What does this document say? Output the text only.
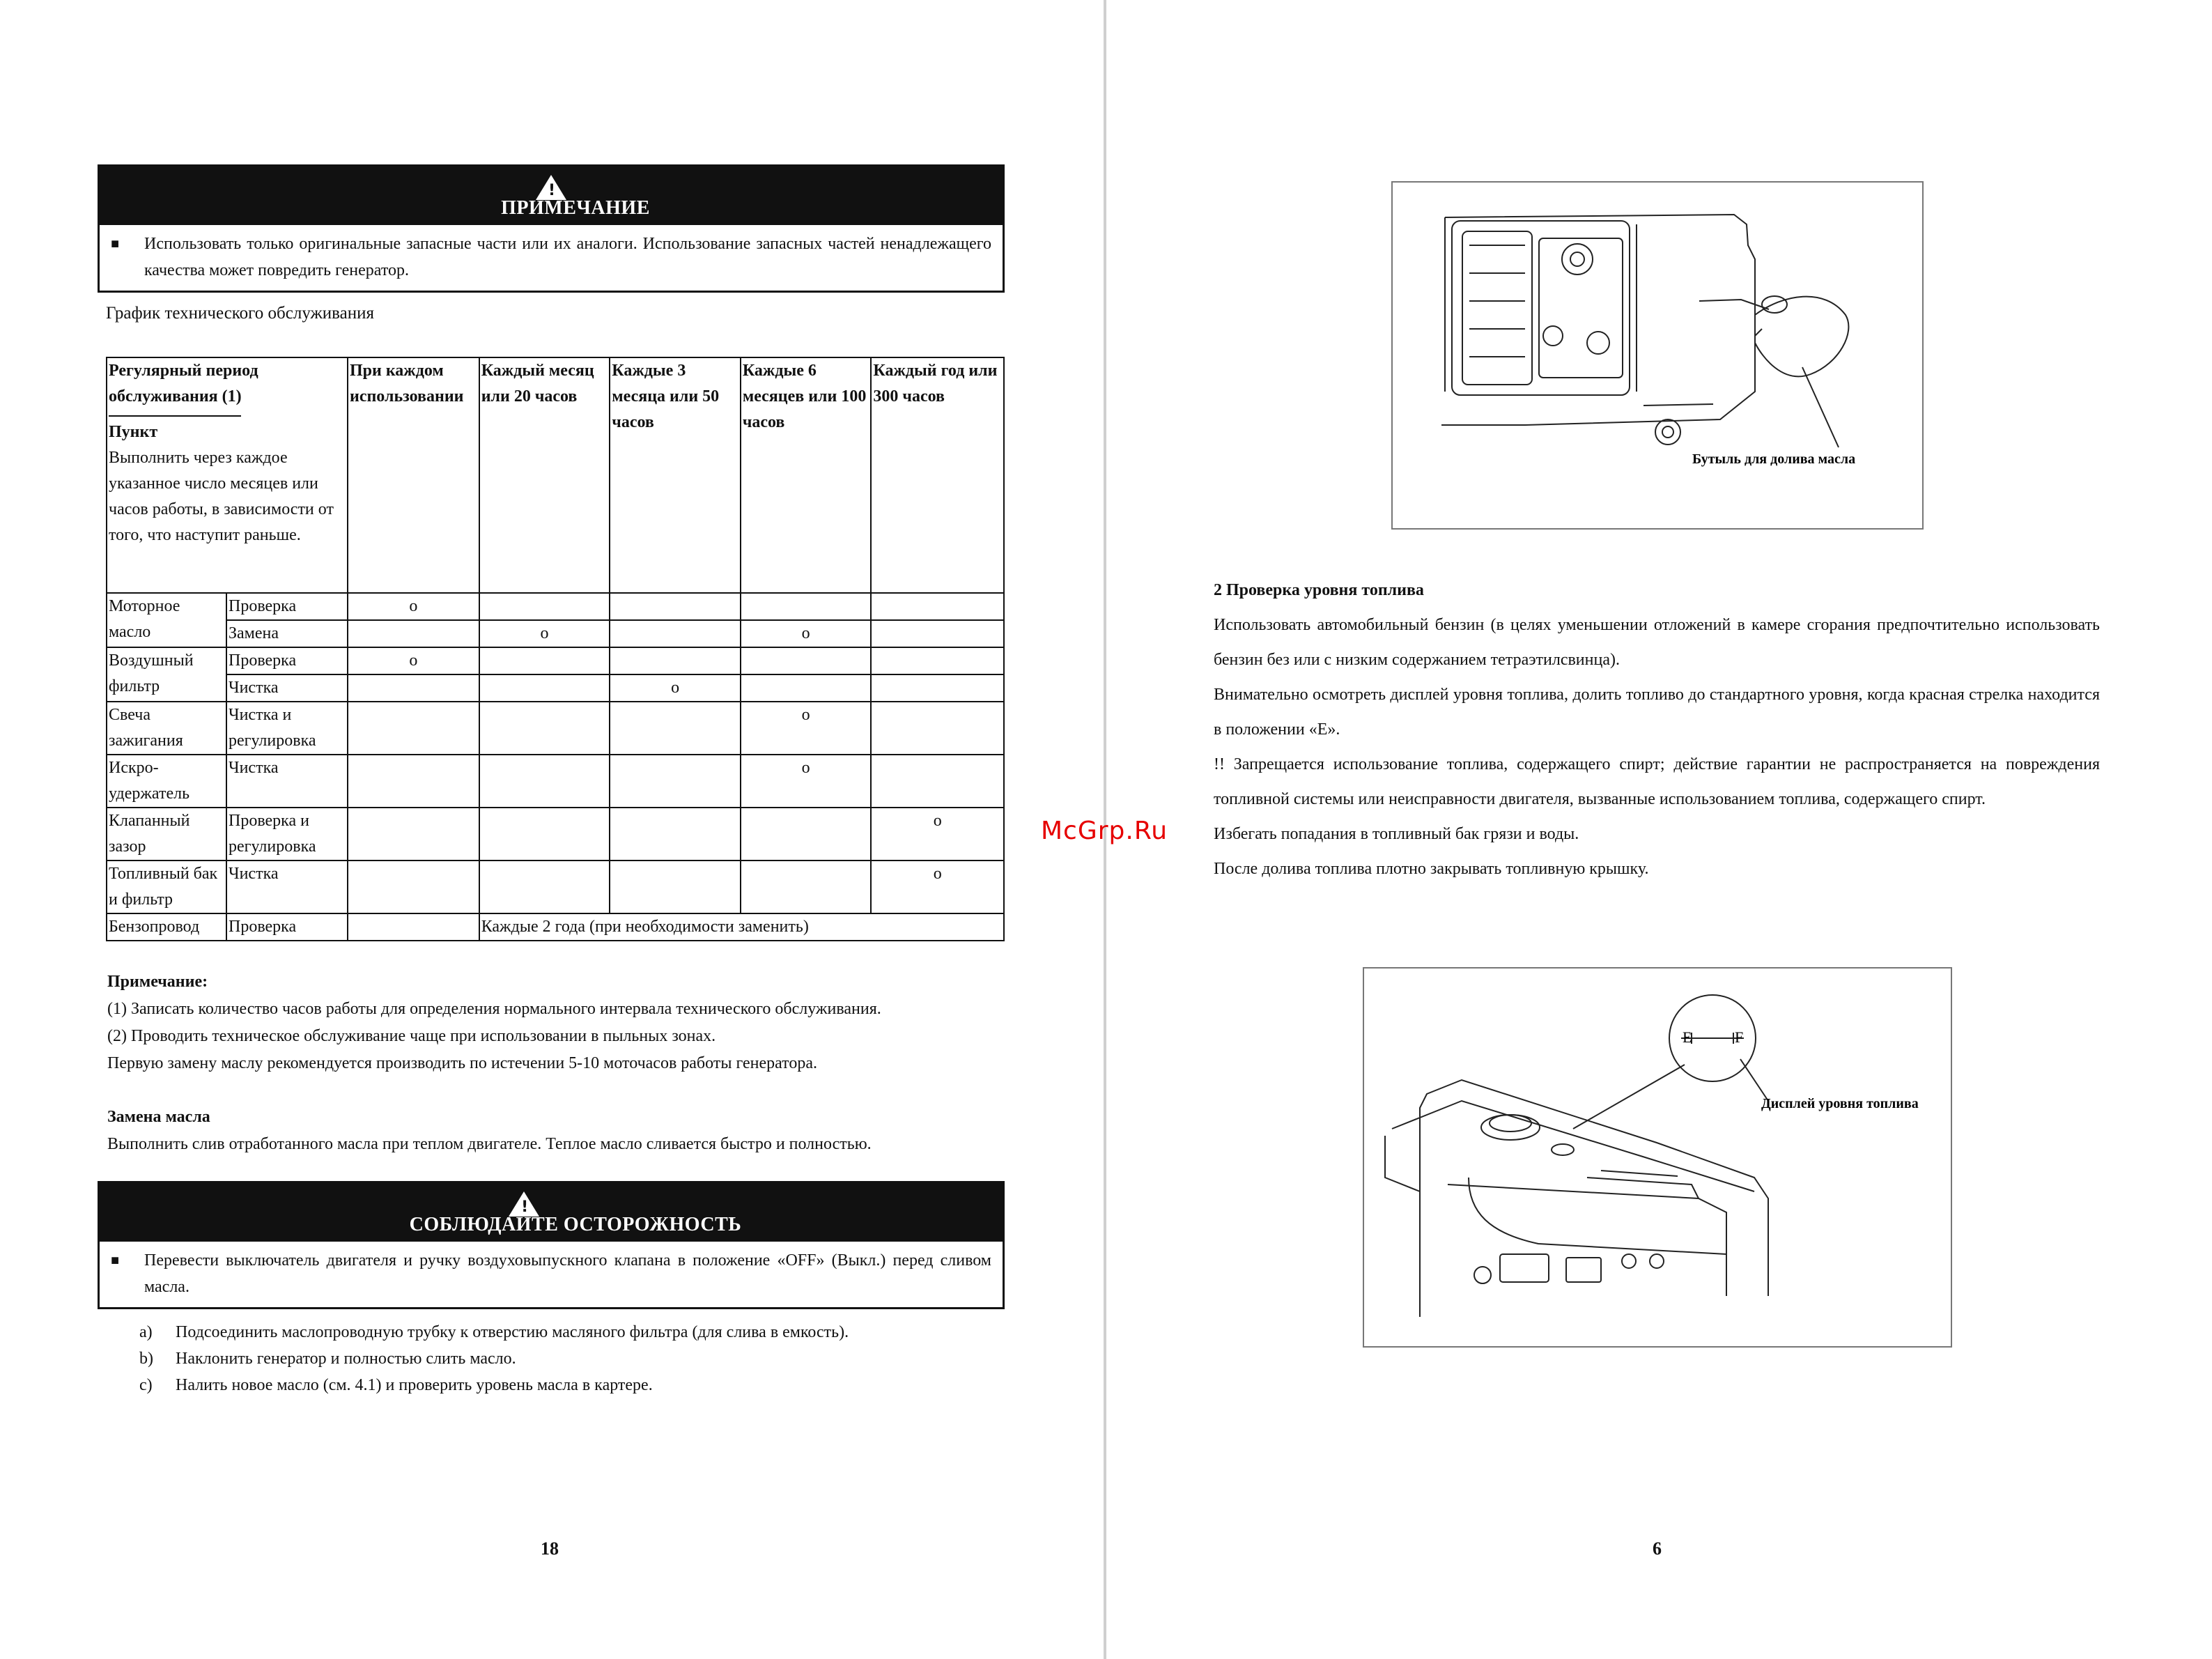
!
ПРИМЕЧАНИЕ
■	Использовать только оригинальные запасные части или их аналоги. Использование запасных частей ненадлежащего качества может повредить генератор.
График технического обслуживания
Регулярный период обслуживания (1)
Пункт
Выполнить через каждое указанное число месяцев или часов работы, в зависимости от того, что наступит раньше.		При каждом использовании	Каждый месяц или 20 часов	Каждые 3 месяца или 50 часов	Каждые 6 месяцев или 100 часов	Каждый год или 300 часов
Моторное масло	Проверка	o				
	Замена		o		o	
Воздушный фильтр	Проверка	o				
	Чистка			o		
Свеча зажигания	Чистка и регулировка				o	
Искро-удержатель	Чистка				o	
Клапанный зазор	Проверка и регулировка					o
Топливный бак и фильтр	Чистка					o
Бензопровод	Проверка		Каждые 2 года (при необходимости заменить)			
Примечание:
(1) Записать количество часов работы для определения нормального интервала технического обслуживания.
(2) Проводить техническое обслуживание чаще при использовании в пыльных зонах.
Первую замену маслу рекомендуется производить по истечении 5-10 моточасов работы генератора.
Замена масла
Выполнить слив отработанного масла при теплом двигателе. Теплое масло сливается быстро и полностью.
!
СОБЛЮДАЙТЕ ОСТОРОЖНОСТЬ
■	Перевести выключатель двигателя и ручку воздуховыпускного клапана в положение «OFF» (Выкл.) перед сливом масла.
a)	Подсоединить маслопроводную трубку к отверстию масляного фильтра (для слива в емкость).
b)	Наклонить генератор и полностью слить масло.
c)	Налить новое масло (см. 4.1) и проверить уровень масла в картере.
18
Бутыль для долива масла
2 Проверка уровня топлива
Использовать автомобильный бензин (в целях уменьшении отложений в камере сгорания предпочтительно использовать бензин без или с низким содержанием тетраэтилсвинца).
Внимательно осмотреть дисплей уровня топлива, долить топливо до стандартного уровня, когда красная стрелка находится в положении «E».
!! Запрещается использование топлива, содержащего спирт; действие гарантии не распространяется на повреждения топливной системы или неисправности двигателя, вызванные использованием топлива, содержащего спирт.
Избегать попадания в топливный бак грязи и воды.
После долива топлива плотно закрывать топливную крышку.
E	F
Дисплей уровня топлива
6
McGrp.Ru
